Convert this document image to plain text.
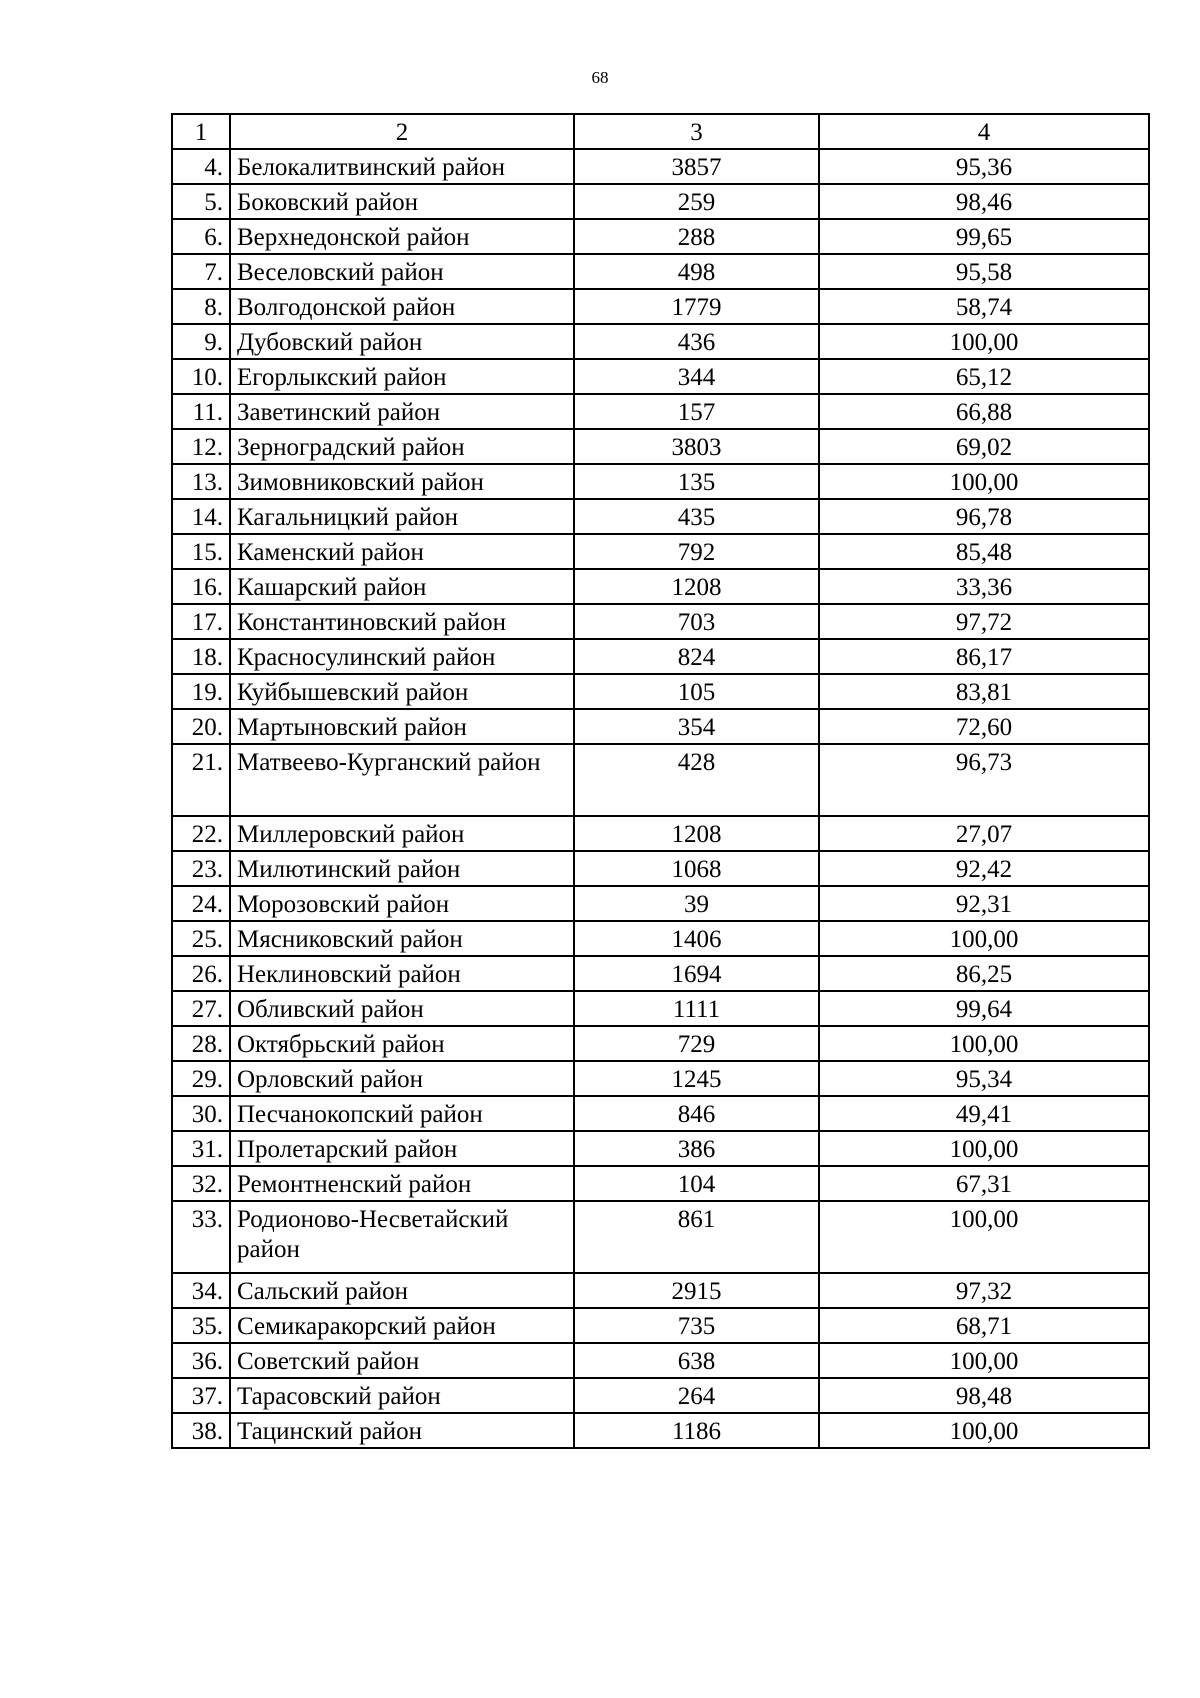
68
1	2	3	4
4.	Белокалитвинский район	3857	95,36
5.	Боковский район	259	98,46
6.	Верхнедонской район	288	99,65
7.	Веселовский район	498	95,58
8.	Волгодонской район	1779	58,74
9.	Дубовский район	436	100,00
10.	Егорлыкский район	344	65,12
11.	Заветинский район	157	66,88
12.	Зерноградский район	3803	69,02
13.	Зимовниковский район	135	100,00
14.	Кагальницкий район	435	96,78
15.	Каменский район	792	85,48
16.	Кашарский район	1208	33,36
17.	Константиновский район	703	97,72
18.	Красносулинский район	824	86,17
19.	Куйбышевский район	105	83,81
20.	Мартыновский район	354	72,60
21.	Матвеево-Курганский район	428	96,73
22.	Миллеровский район	1208	27,07
23.	Милютинский район	1068	92,42
24.	Морозовский район	39	92,31
25.	Мясниковский район	1406	100,00
26.	Неклиновский район	1694	86,25
27.	Обливский район	1111	99,64
28.	Октябрьский район	729	100,00
29.	Орловский район	1245	95,34
30.	Песчанокопский район	846	49,41
31.	Пролетарский район	386	100,00
32.	Ремонтненский район	104	67,31
33.	Родионово-Несветайский район	861	100,00
34.	Сальский район	2915	97,32
35.	Семикаракорский район	735	68,71
36.	Советский район	638	100,00
37.	Тарасовский район	264	98,48
38.	Тацинский район	1186	100,00
